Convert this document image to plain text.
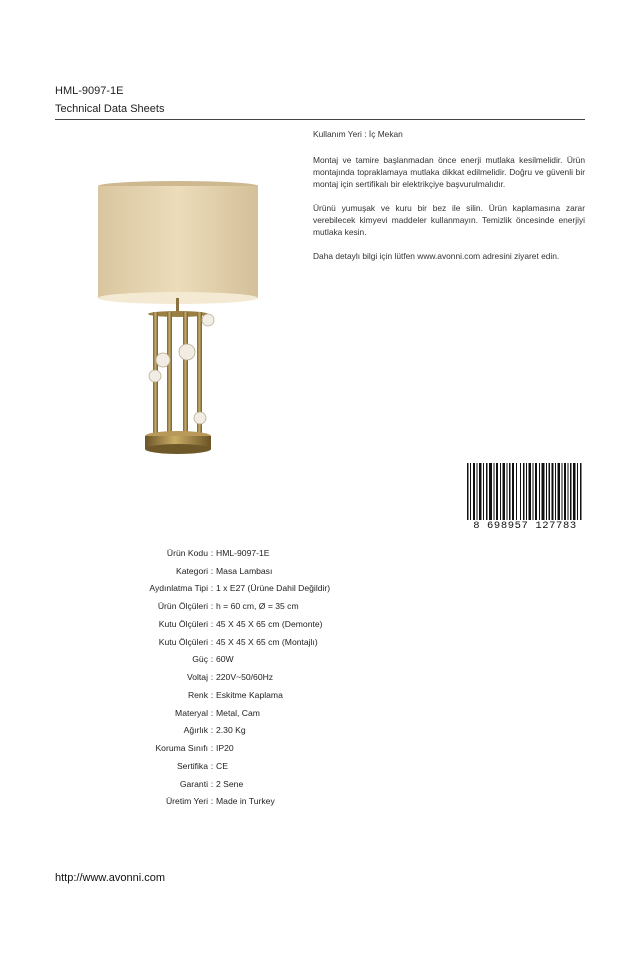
HML-9097-1E
Technical Data Sheets

Kullanım Yeri : İç Mekan

Montaj ve tamire başlanmadan önce enerji mutlaka kesilmelidir. Ürün montajında topraklamaya mutlaka dikkat edilmelidir. Doğru ve güvenli bir montaj için sertifikalı bir elektrikçiye başvurulmalıdır.

Ürünü yumuşak ve kuru bir bez ile silin. Ürün kaplamasına zarar verebilecek kimyevi maddeler kullanmayın. Temizlik öncesinde enerjiyi mutlaka kesin.

Daha detaylı bilgi için lütfen www.avonni.com adresini ziyaret edin.

8 698957 127783
Ürün Kodu : HML-9097-1E
Kategori : Masa Lambası
Aydınlatma Tipi : 1 x E27 (Ürüne Dahil Değildir)
Ürün Ölçüleri : h = 60 cm, Ø = 35 cm
Kutu Ölçüleri : 45 X 45 X 65 cm (Demonte)
Kutu Ölçüleri : 45 X 45 X 65 cm (Montajlı)
Güç : 60W
Voltaj : 220V~50/60Hz
Renk : Eskitme Kaplama
Materyal : Metal, Cam
Ağırlık : 2.30 Kg
Koruma Sınıfı : IP20
Sertifika : CE
Garanti : 2 Sene
Üretim Yeri : Made in Turkey
http://www.avonni.com
